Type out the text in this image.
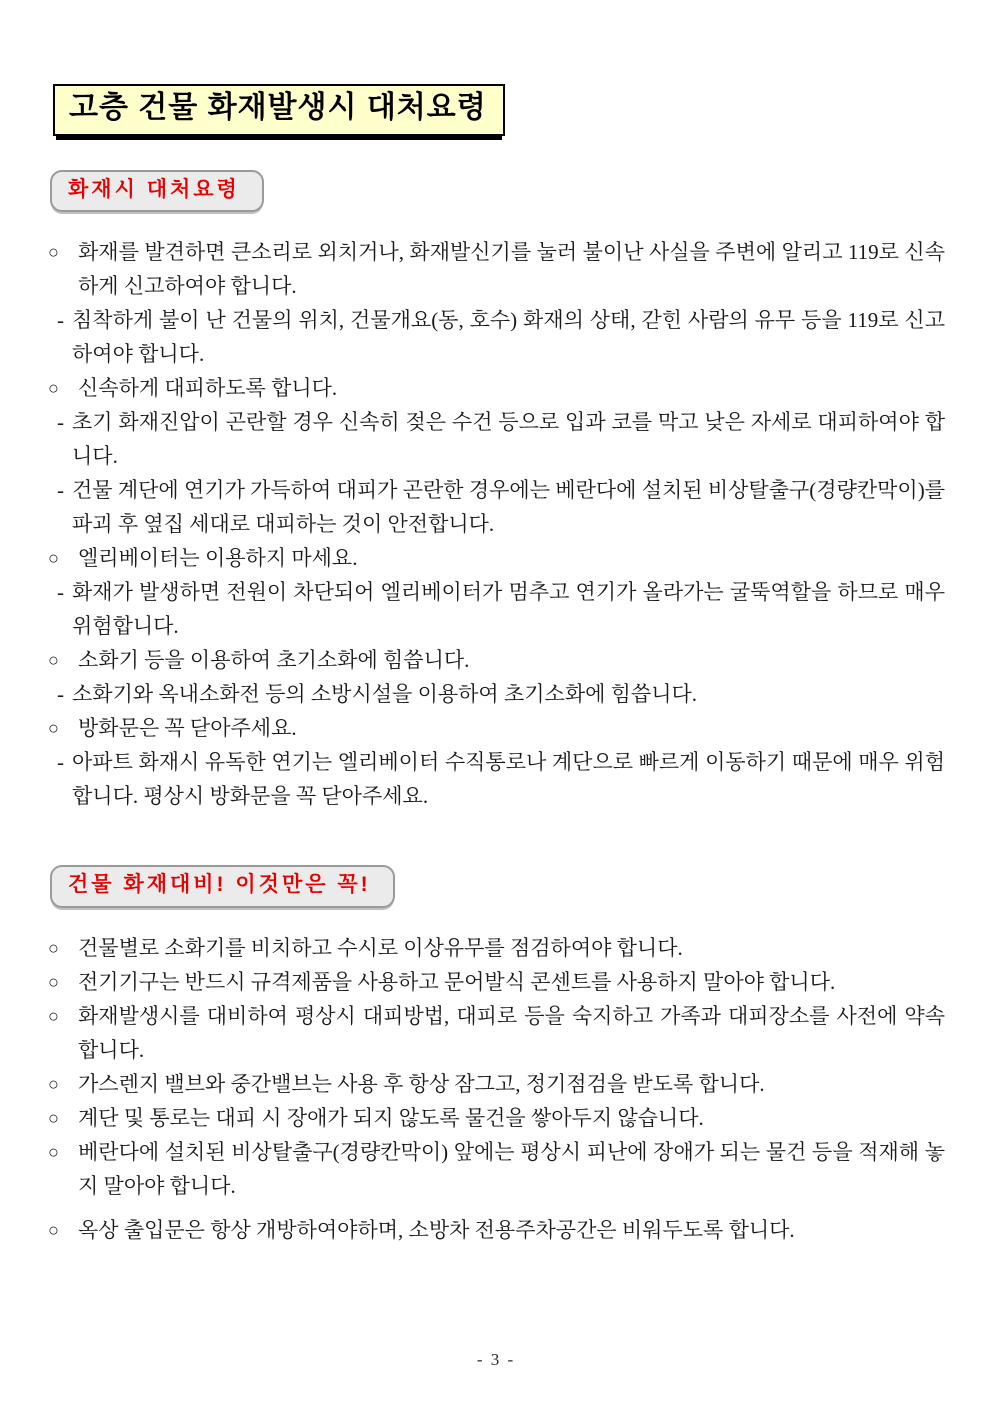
고층 건물 화재발생시 대처요령
화재시 대처요령
○ 화재를 발견하면 큰소리로 외치거나, 화재발신기를 눌러 불이난 사실을 주변에 알리고 119로 신속하게 신고하여야 합니다.
- 침착하게 불이 난 건물의 위치, 건물개요(동, 호수) 화재의 상태, 갇힌 사람의 유무 등을 119로 신고하여야 합니다.
○ 신속하게 대피하도록 합니다.
- 초기 화재진압이 곤란할 경우 신속히 젖은 수건 등으로 입과 코를 막고 낮은 자세로 대피하여야 합니다.
- 건물 계단에 연기가 가득하여 대피가 곤란한 경우에는 베란다에 설치된 비상탈출구(경량칸막이)를 파괴 후 옆집 세대로 대피하는 것이 안전합니다.
○ 엘리베이터는 이용하지 마세요.
- 화재가 발생하면 전원이 차단되어 엘리베이터가 멈추고 연기가 올라가는 굴뚝역할을 하므로 매우 위험합니다.
○ 소화기 등을 이용하여 초기소화에 힘씁니다.
- 소화기와 옥내소화전 등의 소방시설을 이용하여 초기소화에 힘씁니다.
○ 방화문은 꼭 닫아주세요.
- 아파트 화재시 유독한 연기는 엘리베이터 수직통로나 계단으로 빠르게 이동하기 때문에 매우 위험합니다. 평상시 방화문을 꼭 닫아주세요.
건물 화재대비! 이것만은 꼭!
○ 건물별로 소화기를 비치하고 수시로 이상유무를 점검하여야 합니다.
○ 전기기구는 반드시 규격제품을 사용하고 문어발식 콘센트를 사용하지 말아야 합니다.
○ 화재발생시를 대비하여 평상시 대피방법, 대피로 등을 숙지하고 가족과 대피장소를 사전에 약속합니다.
○ 가스렌지 밸브와 중간밸브는 사용 후 항상 잠그고, 정기점검을 받도록 합니다.
○ 계단 및 통로는 대피 시 장애가 되지 않도록 물건을 쌓아두지 않습니다.
○ 베란다에 설치된 비상탈출구(경량칸막이) 앞에는 평상시 피난에 장애가 되는 물건 등을 적재해 놓지 말아야 합니다.
○ 옥상 출입문은 항상 개방하여야하며, 소방차 전용주차공간은 비워두도록 합니다.
- 3 -
